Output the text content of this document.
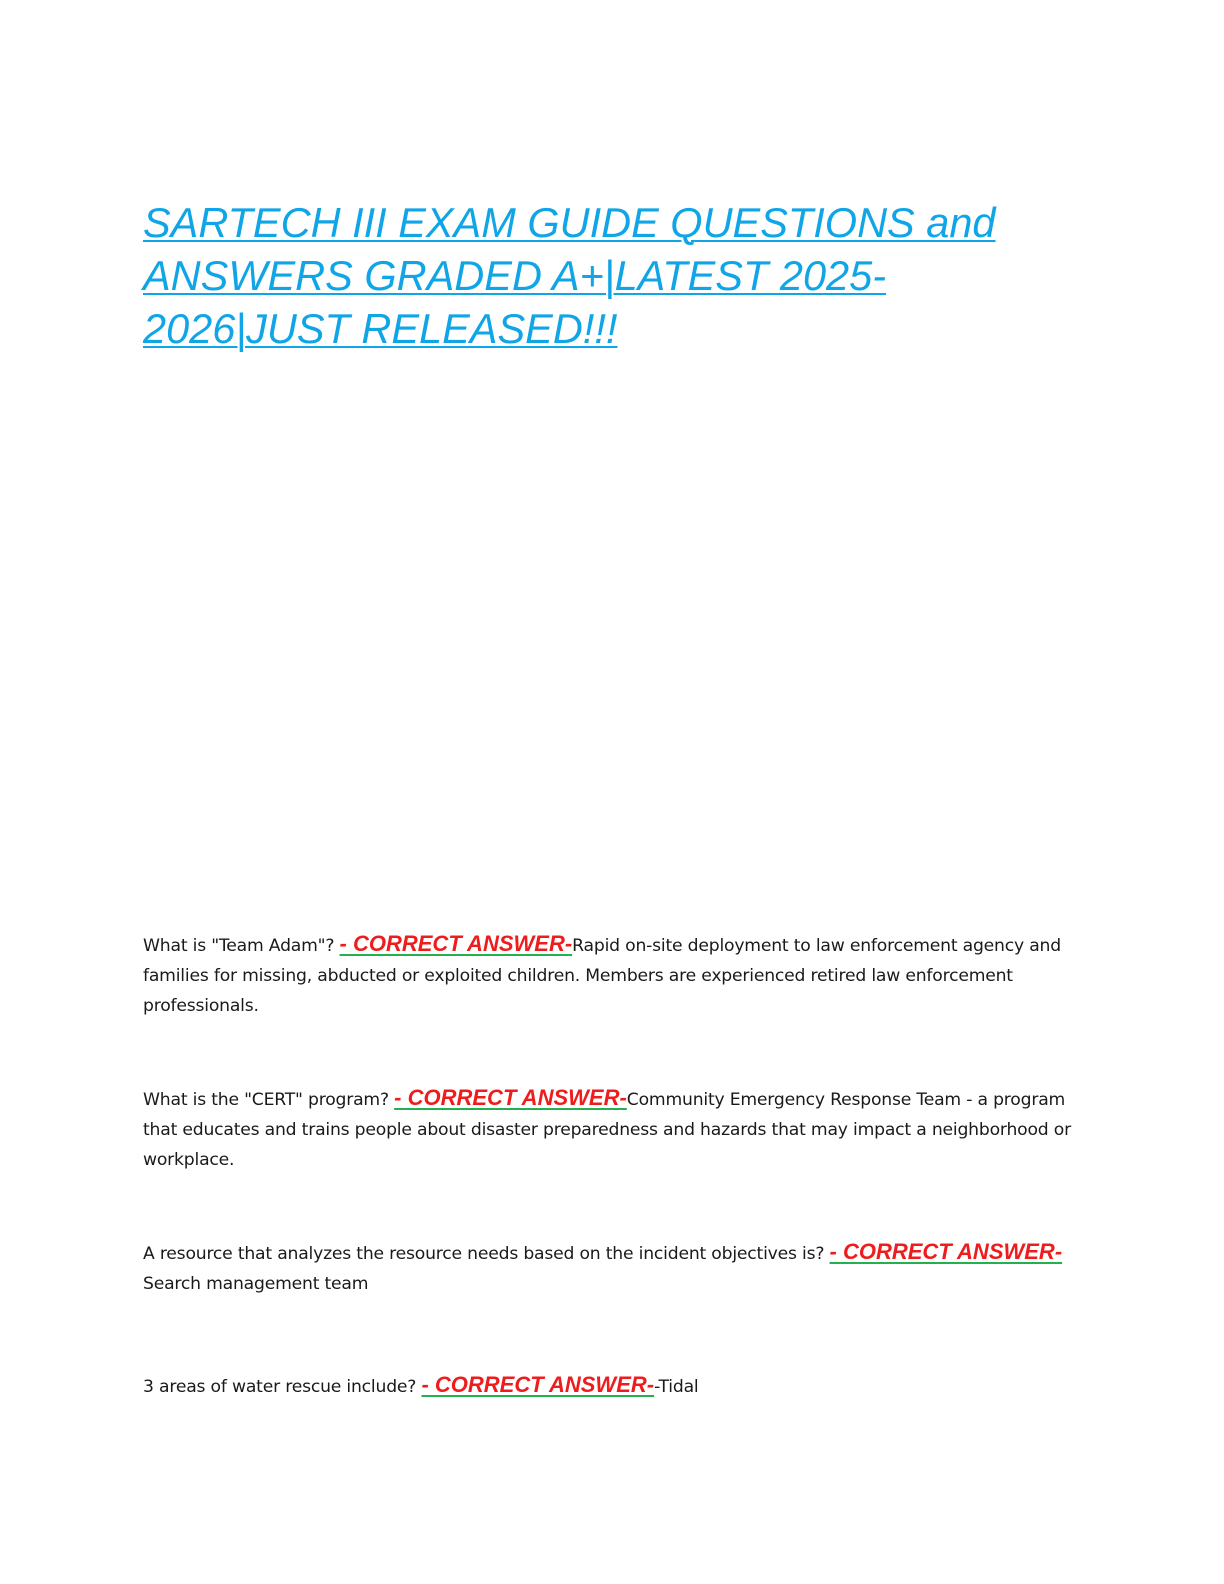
SARTECH III EXAM GUIDE QUESTIONS and ANSWERS GRADED A+|LATEST 2025-2026|JUST RELEASED!!!

What is "Team Adam"? - CORRECT ANSWER-Rapid on-site deployment to law enforcement agency and families for missing, abducted or exploited children. Members are experienced retired law enforcement professionals.

What is the "CERT" program? - CORRECT ANSWER-Community Emergency Response Team - a program that educates and trains people about disaster preparedness and hazards that may impact a neighborhood or workplace.

A resource that analyzes the resource needs based on the incident objectives is? - CORRECT ANSWER-Search management team

3 areas of water rescue include? - CORRECT ANSWER--Tidal
